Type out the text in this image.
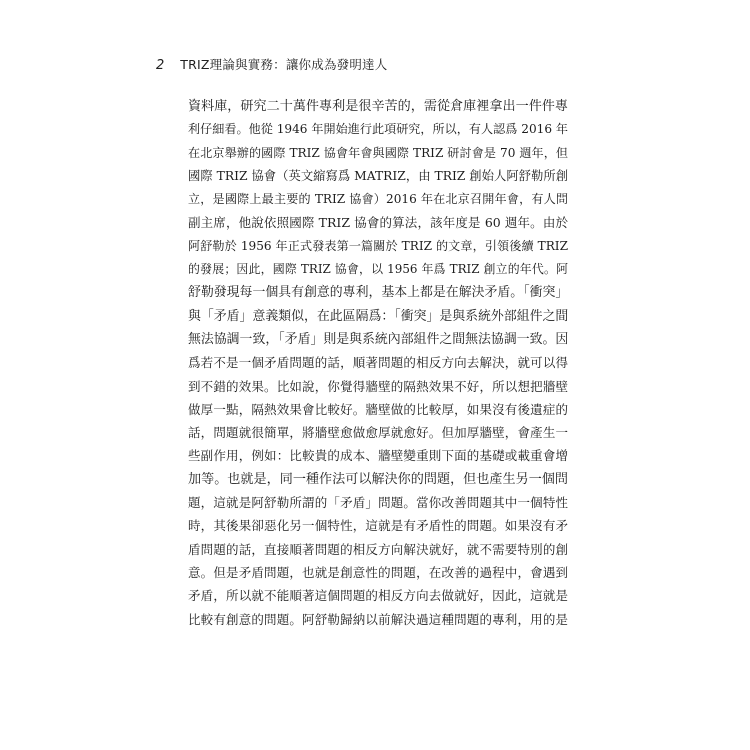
2 TRIZ理論與實務：讓你成為發明達人
資料庫，研究二十萬件專利是很辛苦的，需從倉庫裡拿出一件件專
利仔細看。他從 1946 年開始進行此項研究，所以，有人認爲 2016 年
在北京舉辦的國際 TRIZ 協會年會與國際 TRIZ 研討會是 70 週年，但
國際 TRIZ 協會（英文縮寫爲 MATRIZ，由 TRIZ 創始人阿舒勒所創
立，是國際上最主要的 TRIZ 協會）2016 年在北京召開年會，有人問
副主席，他說依照國際 TRIZ 協會的算法，該年度是 60 週年。由於
阿舒勒於 1956 年正式發表第一篇關於 TRIZ 的文章，引領後續 TRIZ
的發展；因此，國際 TRIZ 協會，以 1956 年爲 TRIZ 創立的年代。阿
舒勒發現每一個具有創意的專利，基本上都是在解決矛盾。「衝突」
與「矛盾」意義類似，在此區隔爲：「衝突」是與系統外部組件之間
無法協調一致，「矛盾」則是與系統內部組件之間無法協調一致。因
爲若不是一個矛盾問題的話，順著問題的相反方向去解決，就可以得
到不錯的效果。比如說，你覺得牆壁的隔熱效果不好，所以想把牆壁
做厚一點，隔熱效果會比較好。牆壁做的比較厚，如果沒有後遺症的
話，問題就很簡單，將牆壁愈做愈厚就愈好。但加厚牆壁，會產生一
些副作用，例如：比較貴的成本、牆壁變重則下面的基礎或載重會增
加等。也就是，同一種作法可以解決你的問題，但也產生另一個問
題，這就是阿舒勒所謂的「矛盾」問題。當你改善問題其中一個特性
時，其後果卻惡化另一個特性，這就是有矛盾性的問題。如果沒有矛
盾問題的話，直接順著問題的相反方向解決就好，就不需要特別的創
意。但是矛盾問題，也就是創意性的問題，在改善的過程中，會遇到
矛盾，所以就不能順著這個問題的相反方向去做就好，因此，這就是
比較有創意的問題。阿舒勒歸納以前解決過這種問題的專利，用的是
